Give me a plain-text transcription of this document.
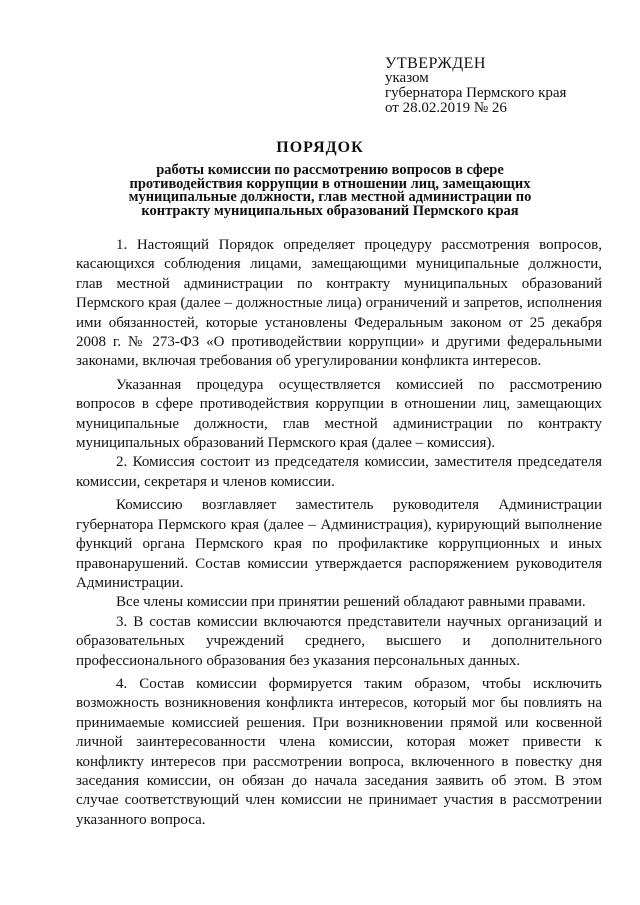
УТВЕРЖДЕН
указом
губернатора Пермского края
от 28.02.2019 № 26
ПОРЯДОК
работы комиссии по рассмотрению вопросов в сфере противодействия коррупции в отношении лиц, замещающих муниципальные должности, глав местной администрации по контракту муниципальных образований Пермского края

1. Настоящий Порядок определяет процедуру рассмотрения вопросов, касающихся соблюдения лицами, замещающими муниципальные должности, глав местной администрации по контракту муниципальных образований Пермского края (далее – должностные лица) ограничений и запретов, исполнения ими обязанностей, которые установлены Федеральным законом от 25 декабря 2008 г. № 273-ФЗ «О противодействии коррупции» и другими федеральными законами, включая требования об урегулировании конфликта интересов.

Указанная процедура осуществляется комиссией по рассмотрению вопросов в сфере противодействия коррупции в отношении лиц, замещающих муниципальные должности, глав местной администрации по контракту муниципальных образований Пермского края (далее – комиссия).

2. Комиссия состоит из председателя комиссии, заместителя председателя комиссии, секретаря и членов комиссии.

Комиссию возглавляет заместитель руководителя Администрации губернатора Пермского края (далее – Администрация), курирующий выполнение функций органа Пермского края по профилактике коррупционных и иных правонарушений. Состав комиссии утверждается распоряжением руководителя Администрации.

Все члены комиссии при принятии решений обладают равными правами.

3. В состав комиссии включаются представители научных организаций и образовательных учреждений среднего, высшего и дополнительного профессионального образования без указания персональных данных.

4. Состав комиссии формируется таким образом, чтобы исключить возможность возникновения конфликта интересов, который мог бы повлиять на принимаемые комиссией решения. При возникновении прямой или косвенной личной заинтересованности члена комиссии, которая может привести к конфликту интересов при рассмотрении вопроса, включенного в повестку дня заседания комиссии, он обязан до начала заседания заявить об этом. В этом случае соответствующий член комиссии не принимает участия в рассмотрении указанного вопроса.
